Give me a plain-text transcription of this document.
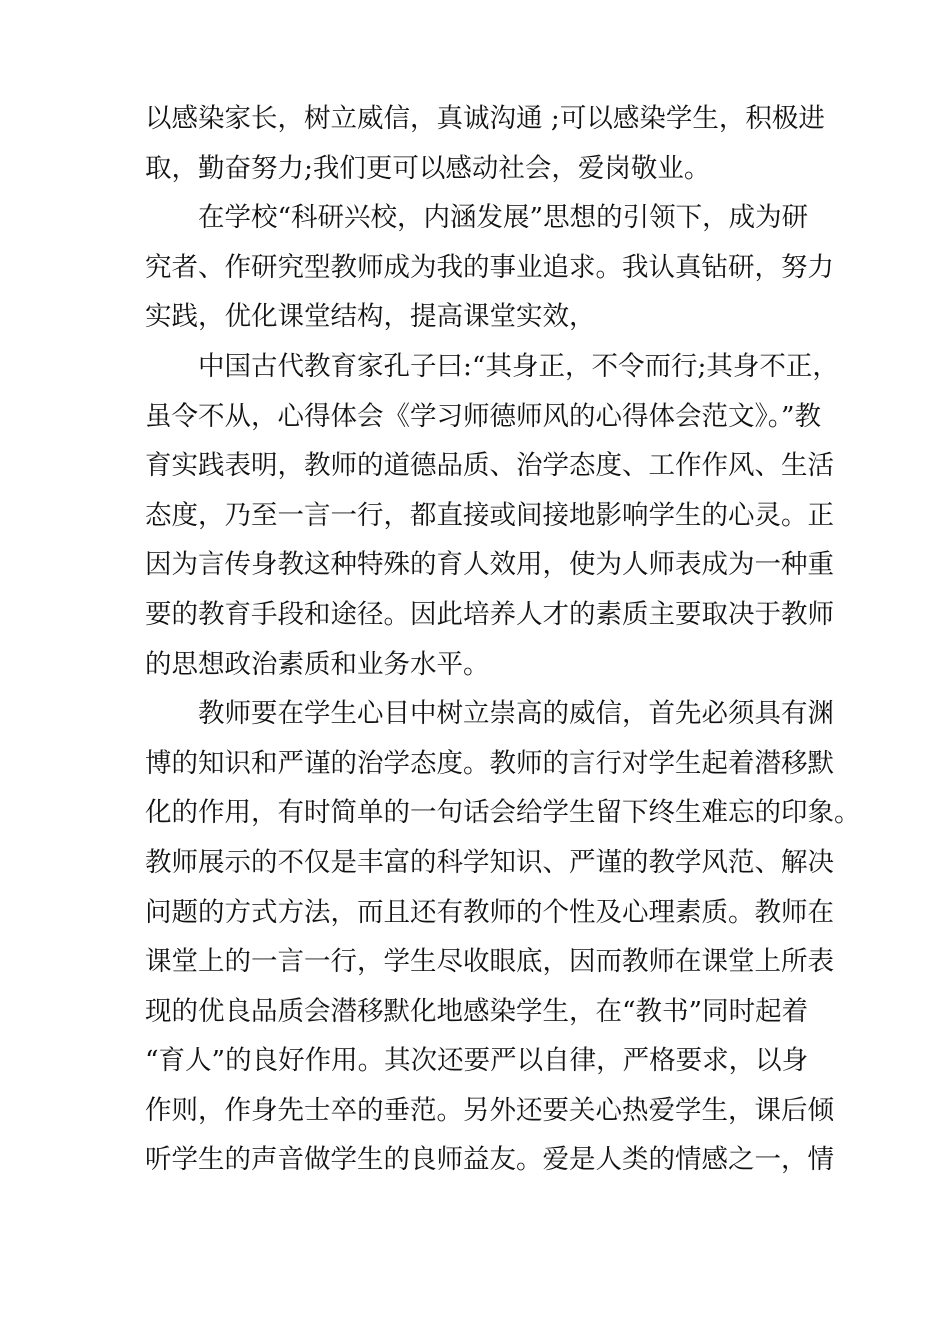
以感染家长，树立威信，真诚沟通 ;可以感染学生，积极进
取，勤奋努力;我们更可以感动社会，爱岗敬业。
　　在学校“科研兴校，内涵发展”思想的引领下，成为研
究者、作研究型教师成为我的事业追求。我认真钻研，努力
实践，优化课堂结构，提高课堂实效，
　　中国古代教育家孔子曰:“其身正，不令而行;其身不正，
虽令不从，心得体会《学习师德师风的心得体会范文》。”教
育实践表明，教师的道德品质、治学态度、工作作风、生活
态度，乃至一言一行，都直接或间接地影响学生的心灵。正
因为言传身教这种特殊的育人效用，使为人师表成为一种重
要的教育手段和途径。因此培养人才的素质主要取决于教师
的思想政治素质和业务水平。
　　教师要在学生心目中树立崇高的威信，首先必须具有渊
博的知识和严谨的治学态度。教师的言行对学生起着潜移默
化的作用，有时简单的一句话会给学生留下终生难忘的印象。
教师展示的不仅是丰富的科学知识、严谨的教学风范、解决
问题的方式方法，而且还有教师的个性及心理素质。教师在
课堂上的一言一行，学生尽收眼底，因而教师在课堂上所表
现的优良品质会潜移默化地感染学生，在“教书”同时起着
“育人”的良好作用。其次还要严以自律，严格要求，以身
作则，作身先士卒的垂范。另外还要关心热爱学生，课后倾
听学生的声音做学生的良师益友。爱是人类的情感之一，情
